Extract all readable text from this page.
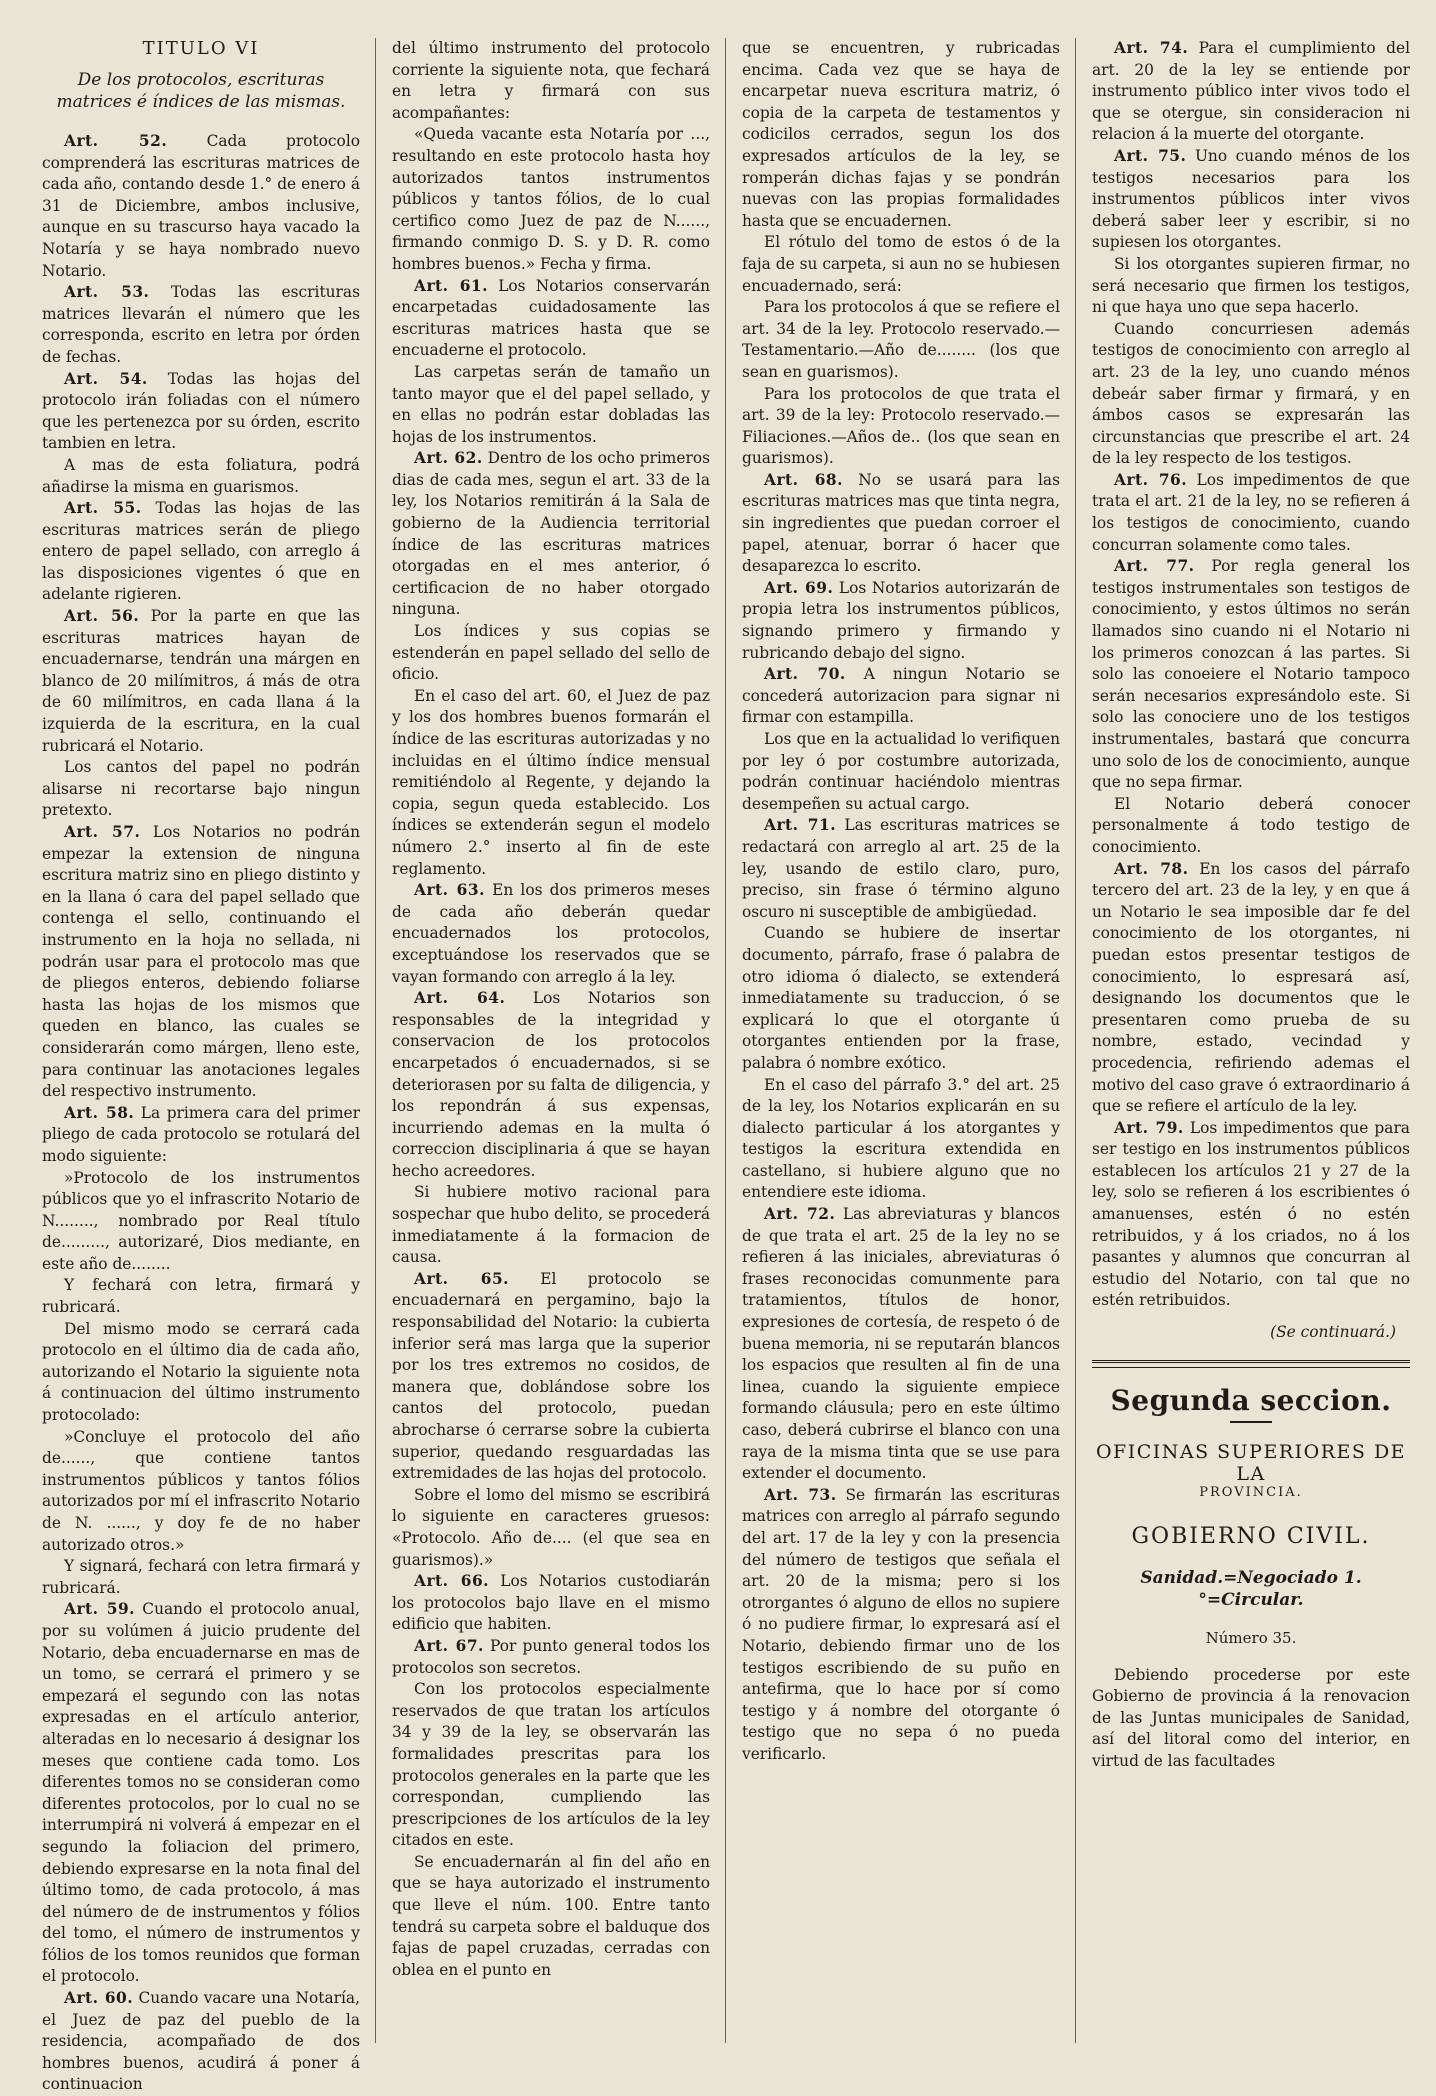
TITULO VI
De los protocolos, escrituras matrices é índices de las mismas.

Art. 52.	Cada protocolo comprenderá las escrituras matrices de cada año, contando desde 1.° de enero á 31 de Diciembre, ambos inclusive, aunque en su trascurso haya vacado la Notaría y se haya nombrado nuevo Notario.

Art. 53. Todas las escrituras matrices llevarán el número que les corresponda, escrito en letra por órden de fechas.

Art. 54. Todas las hojas del protocolo irán foliadas con el número que les pertenezca por su órden, escrito tambien en letra.

A mas de esta foliatura, podrá añadirse la misma en guarismos.

Art. 55. Todas las hojas de las escrituras matrices serán de pliego entero de papel sellado, con arreglo á las disposiciones vigentes ó que en adelante rigieren.

Art. 56. Por la parte en que las escrituras matrices hayan de encuadernarse, tendrán una márgen en blanco de 20 milímitros, á más de otra de 60 milímitros, en cada llana á la izquierda de la escritura, en la cual rubricará el Notario.

Los cantos del papel no podrán alisarse ni recortarse bajo ningun pretexto.

Art. 57. Los Notarios no podrán empezar la extension de ninguna escritura matriz sino en pliego distinto y en la llana ó cara del papel sellado que contenga el sello, continuando el instrumento en la hoja no sellada, ni podrán usar para el protocolo mas que de pliegos enteros, debiendo foliarse hasta las hojas de los mismos que queden en blanco, las cuales se considerarán como márgen, lleno este, para continuar las anotaciones legales del respectivo instrumento.

Art. 58. La primera cara del primer pliego de cada protocolo se rotulará del modo siguiente:

»Protocolo de los instrumentos públicos que yo el infrascrito Notario de N........, nombrado por Real título de........., autorizaré, Dios mediante, en este año de........

Y fechará con letra, firmará y rubricará.

Del mismo modo se cerrará cada protocolo en el último dia de cada año, autorizando el Notario la siguiente nota á continuacion del último instrumento protocolado:

»Concluye el protocolo del año de......, que contiene tantos instrumentos públicos y tantos fólios autorizados por mí el infrascrito Notario de N. ......, y doy fe de no haber autorizado otros.»

Y signará, fechará con letra firmará y rubricará.

Art. 59. Cuando el protocolo anual, por su volúmen á juicio prudente del Notario, deba encuadernarse en mas de un tomo, se cerrará el primero y se empezará el segundo con las notas expresadas en el artículo anterior, alteradas en lo necesario á designar los meses que contiene cada tomo. Los diferentes tomos no se consideran como diferentes protocolos, por lo cual no se interrumpirá ni volverá á empezar en el segundo la foliacion del primero, debiendo expresarse en la nota final del último tomo, de cada protocolo, á mas del número de de instrumentos y fólios del tomo, el número de instrumentos y fólios de los tomos reunidos que forman el protocolo.

Art. 60. Cuando vacare una Notaría, el Juez de paz del pueblo de la residencia, acompañado de dos hombres buenos, acudirá á poner á continuacion

del último instrumento del protocolo corriente la siguiente nota, que fechará en letra y firmará con sus acompañantes:

«Queda vacante esta Notaría por ..., resultando en este protocolo hasta hoy autorizados tantos instrumentos públicos y tantos fólios, de lo cual certifico como Juez de paz de N......, firmando conmigo D. S. y D. R. como hombres buenos.» Fecha y firma.

Art. 61. Los Notarios conservarán encarpetadas cuidadosamente las escrituras matrices hasta que se encuaderne el protocolo.

Las carpetas serán de tamaño un tanto mayor que el del papel sellado, y en ellas no podrán estar dobladas las hojas de los instrumentos.

Art. 62. Dentro de los ocho primeros dias de cada mes, segun el art. 33 de la ley, los Notarios remitirán á la Sala de gobierno de la Audiencia territorial índice de las escrituras matrices otorgadas en el mes anterior, ó certificacion de no haber otorgado ninguna.

Los índices y sus copias se estenderán en papel sellado del sello de oficio.

En el caso del art. 60, el Juez de paz y los dos hombres buenos formarán el índice de las escrituras autorizadas y no incluidas en el último índice mensual remitiéndolo al Regente, y dejando la copia, segun queda establecido. Los índices se extenderán segun el modelo número 2.° inserto al fin de este reglamento.

Art. 63. En los dos primeros meses de cada año deberán quedar encuadernados los protocolos, exceptuándose los reservados que se vayan formando con arreglo á la ley.

Art. 64. Los Notarios son responsables de la integridad y conservacion de los protocolos encarpetados ó encuadernados, si se deteriorasen por su falta de diligencia, y los repondrán á sus expensas, incurriendo ademas en la multa ó correccion disciplinaria á que se hayan hecho acreedores.

Si hubiere motivo racional para sospechar que hubo delito, se procederá inmediatamente á la formacion de causa.

Art. 65. El protocolo se encuadernará en pergamino, bajo la responsabilidad del Notario: la cubierta inferior será mas larga que la superior por los tres extremos no cosidos, de manera que, doblándose sobre los cantos del protocolo, puedan abrocharse ó cerrarse sobre la cubierta superior, quedando resguardadas las extremidades de las hojas del protocolo.

Sobre el lomo del mismo se escribirá lo siguiente en caracteres gruesos: «Protocolo. Año de.... (el que sea en guarismos).»

Art. 66. Los Notarios custodiarán los protocolos bajo llave en el mismo edificio que habiten.

Art. 67. Por punto general todos los protocolos son secretos.

Con los protocolos especialmente reservados de que tratan los artículos 34 y 39 de la ley, se observarán las formalidades prescritas para los protocolos generales en la parte que les correspondan, cumpliendo las prescripciones de los artículos de la ley citados en este.

Se encuadernarán al fin del año en que se haya autorizado el instrumento que lleve el núm. 100. Entre tanto tendrá su carpeta sobre el balduque dos fajas de papel cruzadas, cerradas con oblea en el punto en

que se encuentren, y rubricadas encima. Cada vez que se haya de encarpetar nueva escritura matriz, ó copia de la carpeta de testamentos y codicilos cerrados, segun los dos expresados artículos de la ley, se romperán dichas fajas y se pondrán nuevas con las propias formalidades hasta que se encuadernen.

El rótulo del tomo de estos ó de la faja de su carpeta, si aun no se hubiesen encuadernado, será:

Para los protocolos á que se refiere el art. 34 de la ley. Protocolo reservado.—Testamentario.—Año de........ (los que sean en guarismos).

Para los protocolos de que trata el art. 39 de la ley: Protocolo reservado.—Filiaciones.—Años de.. (los que sean en guarismos).

Art. 68. No se usará para las escrituras matrices mas que tinta negra, sin ingredientes que puedan corroer el papel, atenuar, borrar ó hacer que desaparezca lo escrito.

Art. 69. Los Notarios autorizarán de propia letra los instrumentos públicos, signando primero y firmando y rubricando debajo del signo.

Art. 70. A ningun Notario se concederá autorizacion para signar ni firmar con estampilla.

Los que en la actualidad lo verifiquen por ley ó por costumbre autorizada, podrán continuar haciéndolo mientras desempeñen su actual cargo.

Art. 71. Las escrituras matrices se redactará con arreglo al art. 25 de la ley, usando de estilo claro, puro, preciso, sin frase ó término alguno oscuro ni susceptible de ambigüedad.

Cuando se hubiere de insertar documento, párrafo, frase ó palabra de otro idioma ó dialecto, se extenderá inmediatamente su traduccion, ó se explicará lo que el otorgante ú otorgantes entienden por la frase, palabra ó nombre exótico.

En el caso del párrafo 3.° del art. 25 de la ley, los Notarios explicarán en su dialecto particular á los atorgantes y testigos la escritura extendida en castellano, si hubiere alguno que no entendiere este idioma.

Art. 72. Las abreviaturas y blancos de que trata el art. 25 de la ley no se refieren á las iniciales, abreviaturas ó frases reconocidas comunmente para tratamientos, títulos de honor, expresiones de cortesía, de respeto ó de buena memoria, ni se reputarán blancos los espacios que resulten al fin de una linea, cuando la siguiente empiece formando cláusula; pero en este último caso, deberá cubrirse el blanco con una raya de la misma tinta que se use para extender el documento.

Art. 73. Se firmarán las escrituras matrices con arreglo al párrafo segundo del art. 17 de la ley y con la presencia del número de testigos que señala el art. 20 de la misma; pero si los otrorgantes ó alguno de ellos no supiere ó no pudiere firmar, lo expresará así el Notario, debiendo firmar uno de los testigos escribiendo de su puño en antefirma, que lo hace por sí como testigo y á nombre del otorgante ó testigo que no sepa ó no pueda verificarlo.

Art. 74. Para el cumplimiento del art. 20 de la ley se entiende por instrumento público inter vivos todo el que se otergue, sin consideracion ni relacion á la muerte del otorgante.

Art. 75. Uno cuando ménos de los testigos necesarios para los instrumentos públicos inter vivos deberá saber leer y escribir, si no supiesen los otorgantes.

Si los otorgantes supieren firmar, no será necesario que firmen los testigos, ni que haya uno que sepa hacerlo.

Cuando concurriesen además testigos de conocimiento con arreglo al art. 23 de la ley, uno cuando ménos debeár saber firmar y firmará, y en ámbos casos se expresarán las circunstancias que prescribe el art. 24 de la ley respecto de los testigos.

Art. 76. Los impedimentos de que trata el art. 21 de la ley, no se refieren á los testigos de conocimiento, cuando concurran solamente como tales.

Art. 77. Por regla general los testigos instrumentales son testigos de conocimiento, y estos últimos no serán llamados sino cuando ni el Notario ni los primeros conozcan á las partes. Si solo las conoeiere el Notario tampoco serán necesarios expresándolo este. Si solo las conociere uno de los testigos instrumentales, bastará que concurra uno solo de los de conocimiento, aunque que no sepa firmar.

El Notario deberá conocer personalmente á todo testigo de conocimiento.

Art. 78. En los casos del párrafo tercero del art. 23 de la ley, y en que á un Notario le sea imposible dar fe del conocimiento de los otorgantes, ni puedan estos presentar testigos de conocimiento, lo espresará así, designando los documentos que le presentaren como prueba de su nombre, estado, vecindad y procedencia, refiriendo ademas el motivo del caso grave ó extraordinario á que se refiere el artículo de la ley.

Art. 79. Los impedimentos que para ser testigo en los instrumentos públicos establecen los artículos 21 y 27 de la ley, solo se refieren á los escribientes ó amanuenses, estén ó no estén retribuidos, y á los criados, no á los pasantes y alumnos que concurran al estudio del Notario, con tal que no estén retribuidos.

(Se continuará.)

Segunda seccion.
OFICINAS SUPERIORES DE LA
PROVINCIA.
GOBIERNO CIVIL.
Sanidad.=Negociado 1.°=Circular.
Número 35.

Debiendo procederse por este Gobierno de provincia á la renovacion de las Juntas municipales de Sanidad, así del litoral como del interior, en virtud de las facultades
